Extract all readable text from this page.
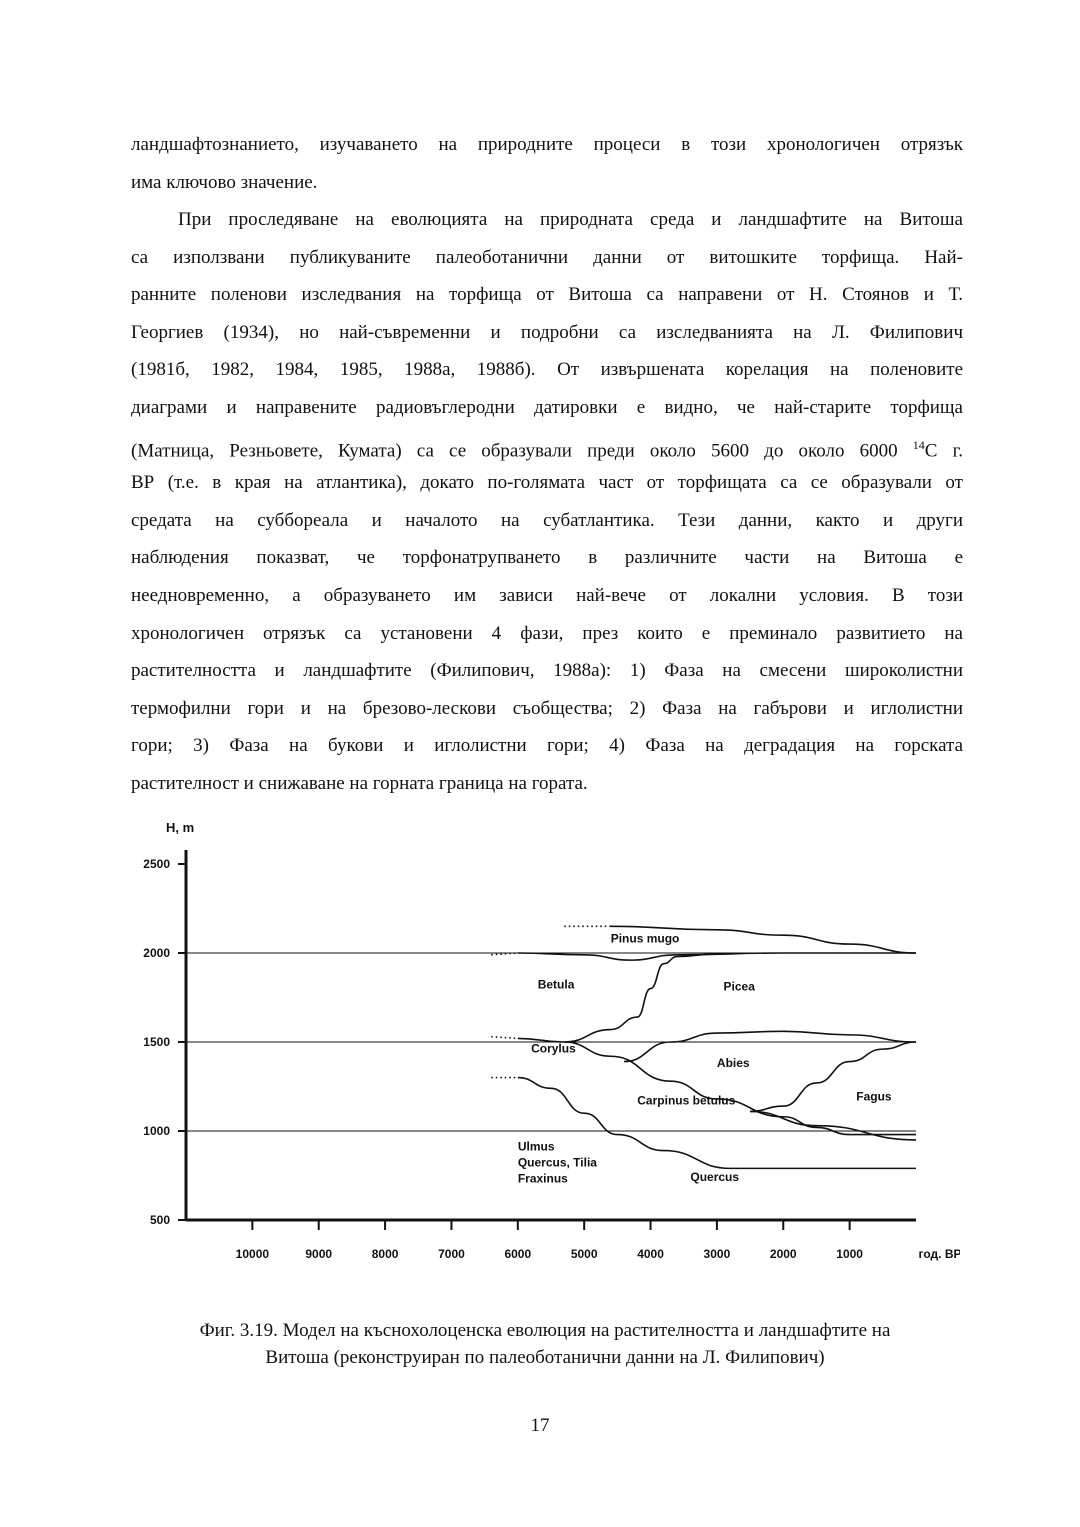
ландшафтознанието, изучаването на природните процеси в този хронологичен отрязък
има ключово значение.
При проследяване на еволюцията на природната среда и ландшафтите на Витоша
са използвани публикуваните палеоботанични данни от витошките торфища. Най-
ранните поленови изследвания на торфища от Витоша са направени от Н. Стоянов и Т.
Георгиев (1934), но най-съвременни и подробни са изследванията на Л. Филипович
(1981б, 1982, 1984, 1985, 1988а, 1988б). От извършената корелация на поленовите
диаграми и направените радиовъглеродни датировки е видно, че най-старите торфища
(Матница, Резньовете, Кумата) са се образували преди около 5600 до около 6000 $^{14}$С г.
ВР (т.е. в края на атлантика), докато по-голямата част от торфищата са се образували от
средата на суббореала и началото на субатлантика. Тези данни, както и други
наблюдения показват, че торфонатрупването в различните части на Витоша е
неедновременно, а образуването им зависи най-вече от локални условия. В този
хронологичен отрязък са установени 4 фази, през които е преминало развитието на
растителността и ландшафтите (Филипович, 1988а): 1) Фаза на смесени широколистни
термофилни гори и на брезово-лескови съобщества; 2) Фаза на габърови и иглолистни
гори; 3) Фаза на букови и иглолистни гори; 4) Фаза на деградация на горската
растителност и снижаване на горната граница на гората.
H, m
2500
2000
1500
1000
500
10000	9000	8000	7000	6000	5000	4000	3000	2000	1000	год. ВР
Pinus mugo
Betula	Picea
Corylus
Abies
Carpinus betulus	Fagus
Ulmus
Quercus, Tilia
Fraxinus	Quercus
Фиг. 3.19. Модел на къснохолоценска еволюция на растителността и ландшафтите на
Витоша (реконструиран по палеоботанични данни на Л. Филипович)
17
